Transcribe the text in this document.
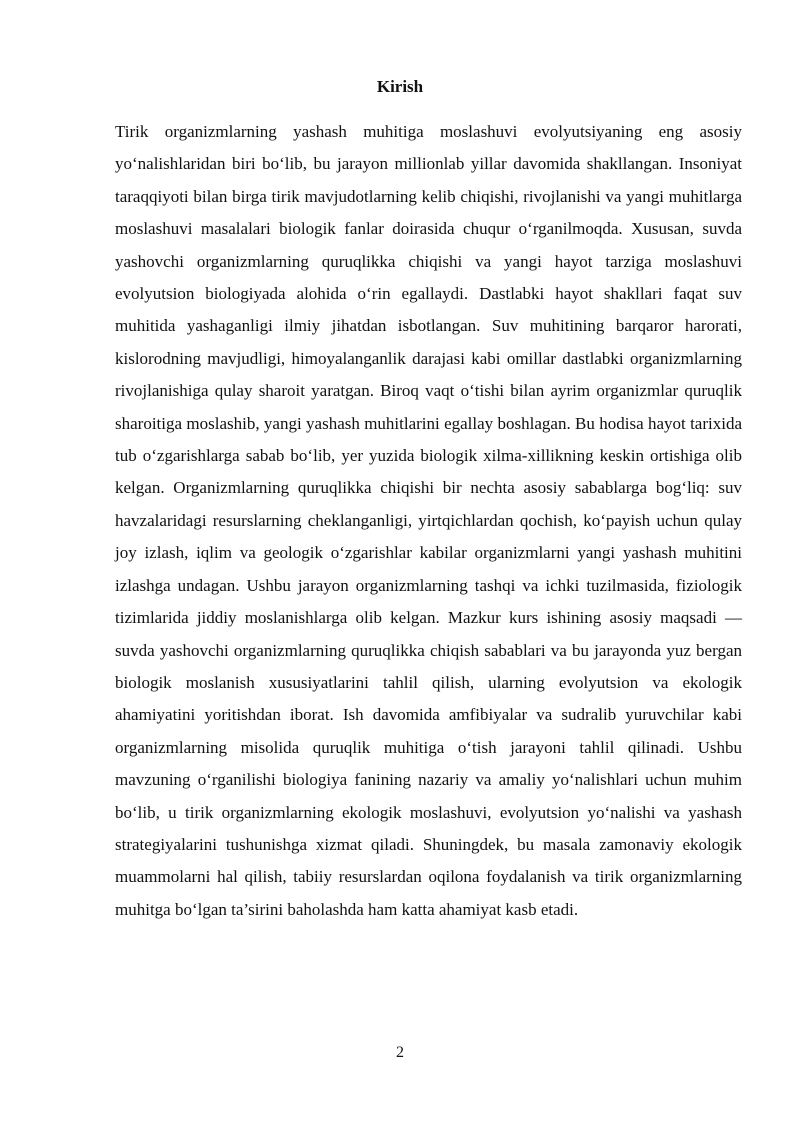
Kirish

Tirik organizmlarning yashash muhitiga moslashuvi evolyutsiyaning eng asosiy yo‘nalishlaridan biri bo‘lib, bu jarayon millionlab yillar davomida shakllangan. Insoniyat taraqqiyoti bilan birga tirik mavjudotlarning kelib chiqishi, rivojlanishi va yangi muhitlarga moslashuvi masalalari biologik fanlar doirasida chuqur o‘rganilmoqda. Xususan, suvda yashovchi organizmlarning quruqlikka chiqishi va yangi hayot tarziga moslashuvi evolyutsion biologiyada alohida o‘rin egallaydi. Dastlabki hayot shakllari faqat suv muhitida yashaganligi ilmiy jihatdan isbotlangan. Suv muhitining barqaror harorati, kislorodning mavjudligi, himoyalanganlik darajasi kabi omillar dastlabki organizmlarning rivojlanishiga qulay sharoit yaratgan. Biroq vaqt o‘tishi bilan ayrim organizmlar quruqlik sharoitiga moslashib, yangi yashash muhitlarini egallay boshlagan. Bu hodisa hayot tarixida tub o‘zgarishlarga sabab bo‘lib, yer yuzida biologik xilma-xillikning keskin ortishiga olib kelgan. Organizmlarning quruqlikka chiqishi bir nechta asosiy sabablarga bog‘liq: suv havzalaridagi resurslarning cheklanganligi, yirtqichlardan qochish, ko‘payish uchun qulay joy izlash, iqlim va geologik o‘zgarishlar kabilar organizmlarni yangi yashash muhitini izlashga undagan. Ushbu jarayon organizmlarning tashqi va ichki tuzilmasida, fiziologik tizimlarida jiddiy moslanishlarga olib kelgan. Mazkur kurs ishining asosiy maqsadi — suvda yashovchi organizmlarning quruqlikka chiqish sabablari va bu jarayonda yuz bergan biologik moslanish xususiyatlarini tahlil qilish, ularning evolyutsion va ekologik ahamiyatini yoritishdan iborat. Ish davomida amfibiyalar va sudralib yuruvchilar kabi organizmlarning misolida quruqlik muhitiga o‘tish jarayoni tahlil qilinadi. Ushbu mavzuning o‘rganilishi biologiya fanining nazariy va amaliy yo‘nalishlari uchun muhim bo‘lib, u tirik organizmlarning ekologik moslashuvi, evolyutsion yo‘nalishi va yashash strategiyalarini tushunishga xizmat qiladi. Shuningdek, bu masala zamonaviy ekologik muammolarni hal qilish, tabiiy resurslardan oqilona foydalanish va tirik organizmlarning muhitga bo‘lgan ta’sirini baholashda ham katta ahamiyat kasb etadi.

2
